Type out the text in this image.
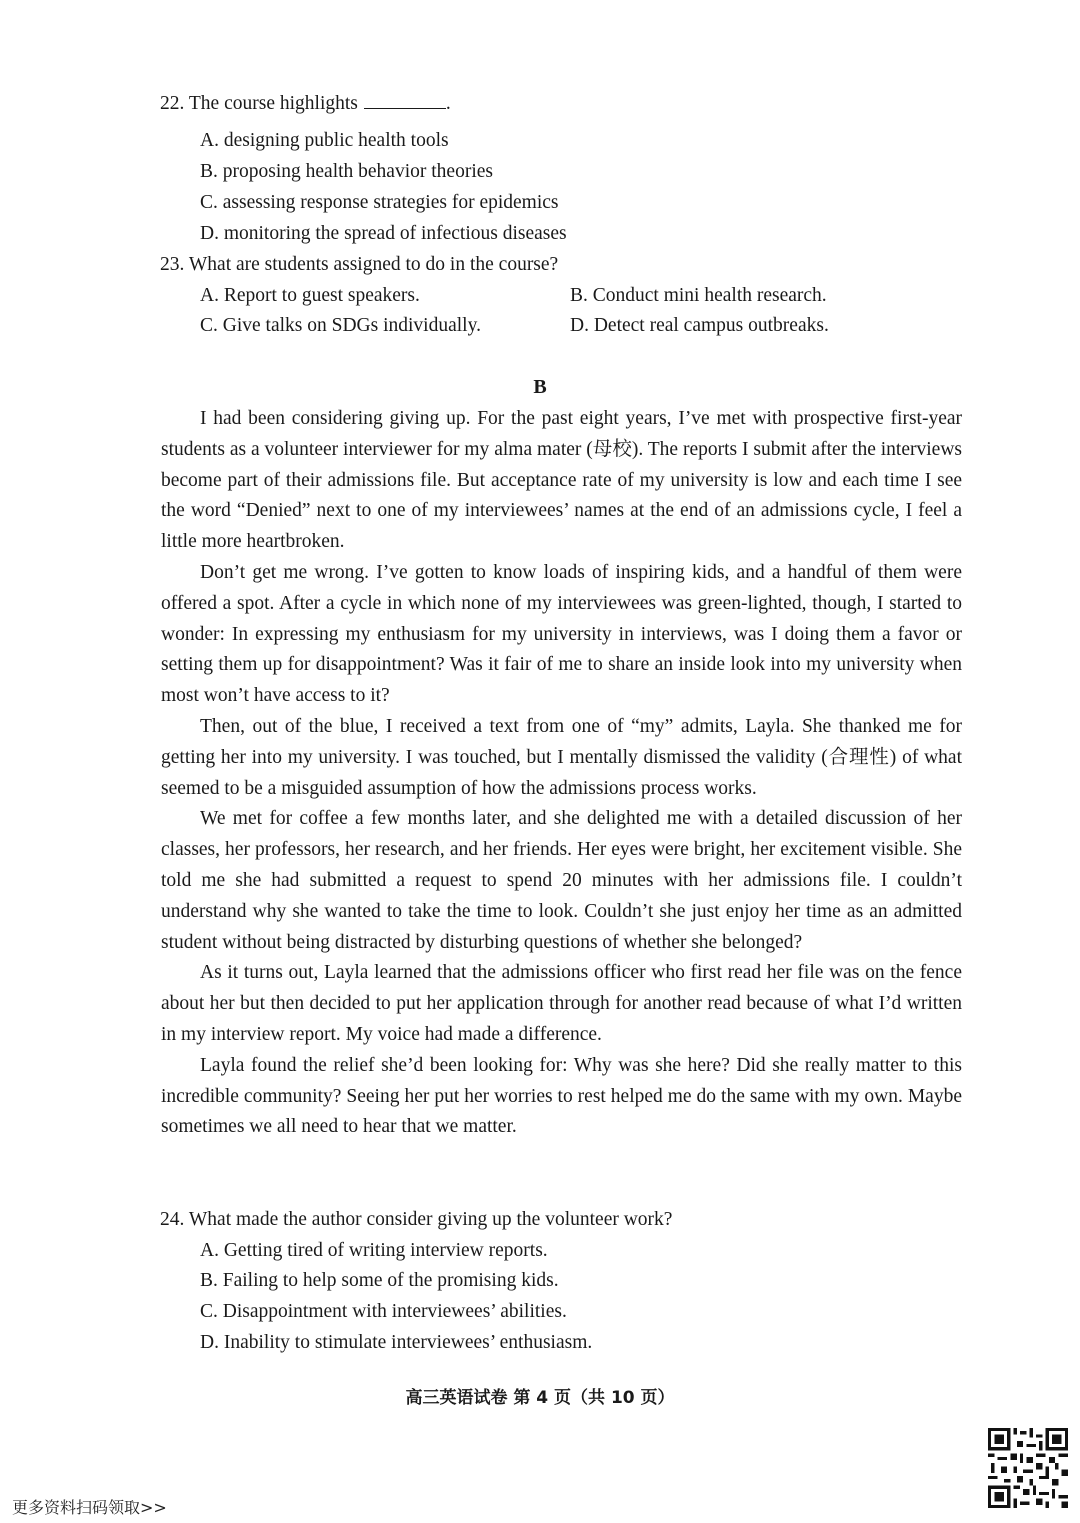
22. The course highlights	.
A. designing public health tools
B. proposing health behavior theories
C. assessing response strategies for epidemics
D. monitoring the spread of infectious diseases
23. What are students assigned to do in the course?
A. Report to guest speakers.	B. Conduct mini health research.
C. Give talks on SDGs individually.	D. Detect real campus outbreaks.
B

I had been considering giving up. For the past eight years, I’ve met with prospective first-year students as a volunteer interviewer for my alma mater (母校). The reports I submit after the interviews become part of their admissions file. But acceptance rate of my university is low and each time I see the word “Denied” next to one of my interviewees’ names at the end of an admissions cycle, I feel a little more heartbroken.

Don’t get me wrong. I’ve gotten to know loads of inspiring kids, and a handful of them were offered a spot. After a cycle in which none of my interviewees was green-lighted, though, I started to wonder: In expressing my enthusiasm for my university in interviews, was I doing them a favor or setting them up for disappointment? Was it fair of me to share an inside look into my university when most won’t have access to it?

Then, out of the blue, I received a text from one of “my” admits, Layla. She thanked me for getting her into my university. I was touched, but I mentally dismissed the validity (合理性) of what seemed to be a misguided assumption of how the admissions process works.

We met for coffee a few months later, and she delighted me with a detailed discussion of her classes, her professors, her research, and her friends. Her eyes were bright, her excitement visible. She told me she had submitted a request to spend 20 minutes with her admissions file. I couldn’t understand why she wanted to take the time to look. Couldn’t she just enjoy her time as an admitted student without being distracted by disturbing questions of whether she belonged?

As it turns out, Layla learned that the admissions officer who first read her file was on the fence about her but then decided to put her application through for another read because of what I’d written in my interview report. My voice had made a difference.

Layla found the relief she’d been looking for: Why was she here? Did she really matter to this incredible community? Seeing her put her worries to rest helped me do the same with my own. Maybe sometimes we all need to hear that we matter.

24. What made the author consider giving up the volunteer work?
A. Getting tired of writing interview reports.
B. Failing to help some of the promising kids.
C. Disappointment with interviewees’ abilities.
D. Inability to stimulate interviewees’ enthusiasm.
高三英语试卷 第 4 页（共 10 页）
更多资料扫码领取>>
